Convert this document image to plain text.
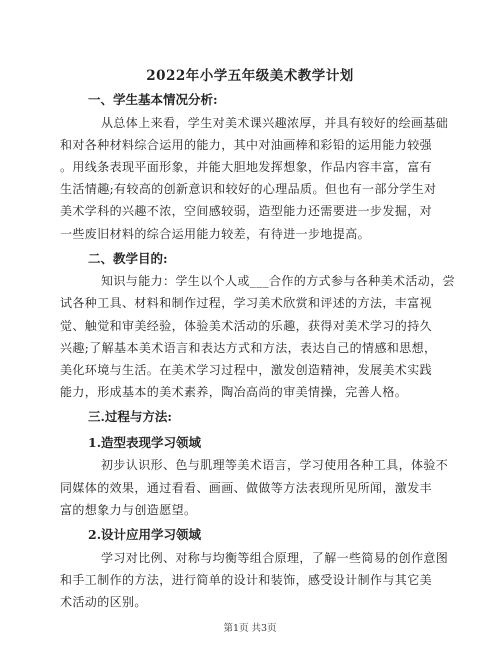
2022年小学五年级美术教学计划
一、学生基本情况分析:
从总体上来看，学生对美术课兴趣浓厚，并具有较好的绘画基础
和对各种材料综合运用的能力，其中对油画棒和彩铅的运用能力较强
。用线条表现平面形象，并能大胆地发挥想象，作品内容丰富，富有
生活情趣;有较高的创新意识和较好的心理品质。但也有一部分学生对
美术学科的兴趣不浓，空间感较弱，造型能力还需要进一步发掘，对
一些废旧材料的综合运用能力较差，有待进一步地提高。
二、教学目的:
知识与能力：学生以个人或___合作的方式参与各种美术活动，尝
试各种工具、材料和制作过程，学习美术欣赏和评述的方法，丰富视
觉、触觉和审美经验，体验美术活动的乐趣，获得对美术学习的持久
兴趣;了解基本美术语言和表达方式和方法，表达自己的情感和思想，
美化环境与生活。在美术学习过程中，激发创造精神，发展美术实践
能力，形成基本的美术素养，陶冶高尚的审美情操，完善人格。
三.过程与方法:
1.造型表现学习领域
初步认识形、色与肌理等美术语言，学习使用各种工具，体验不
同媒体的效果，通过看看、画画、做做等方法表现所见所闻，激发丰
富的想象力与创造愿望。
2.设计应用学习领域
学习对比例、对称与均衡等组合原理，了解一些简易的创作意图
和手工制作的方法，进行简单的设计和装饰，感受设计制作与其它美
术活动的区别。
第1页 共3页
